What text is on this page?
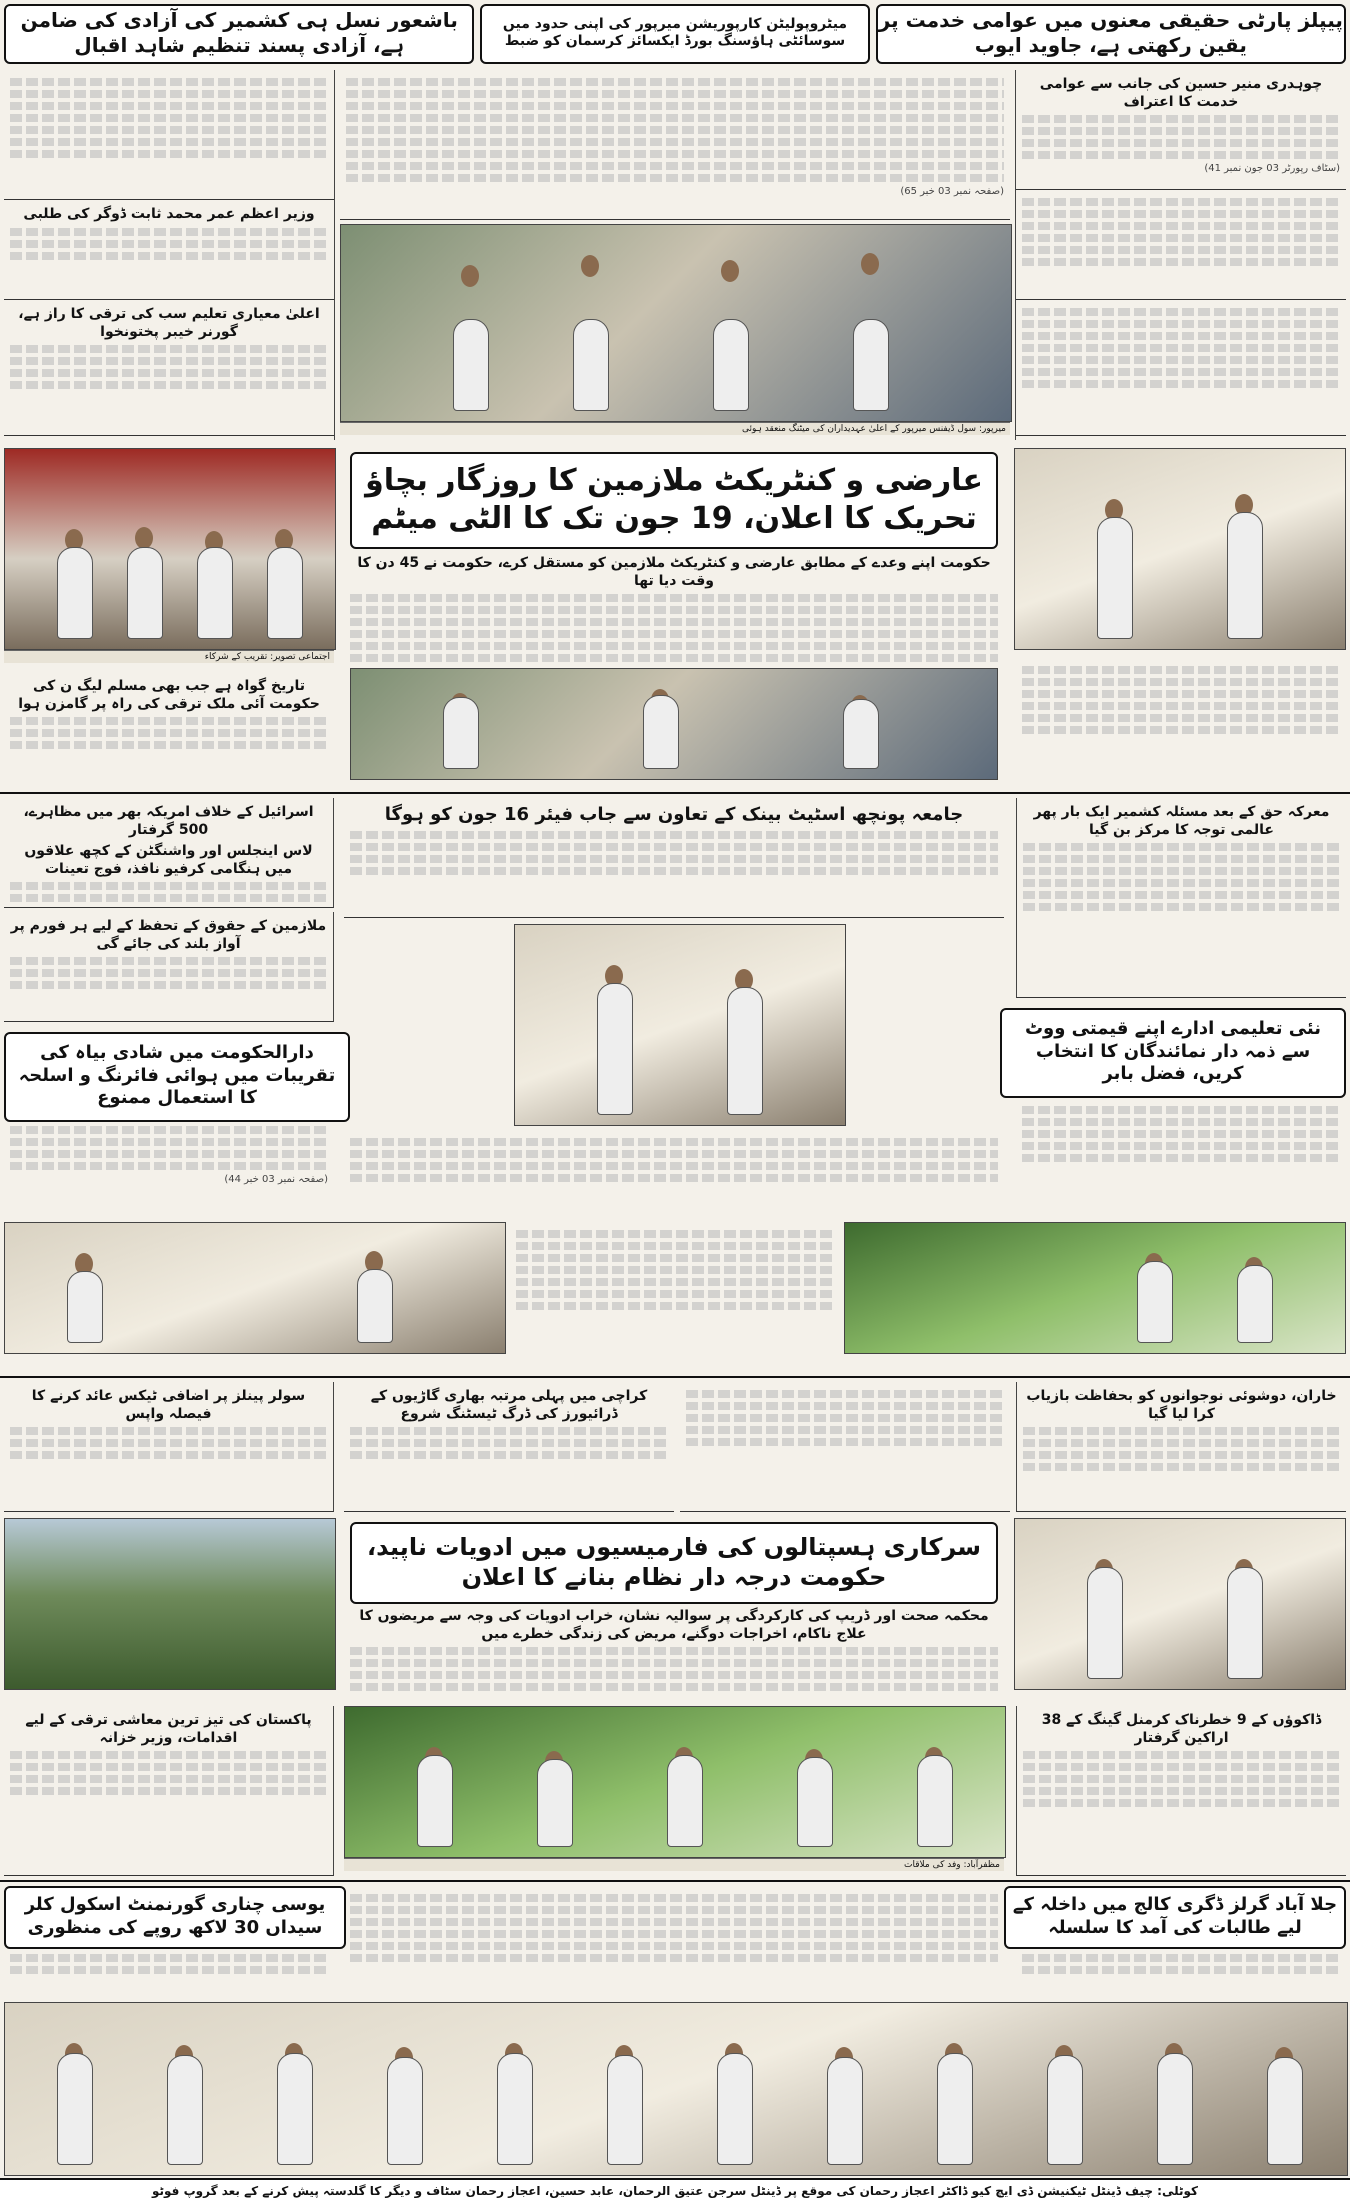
پیپلز پارٹی حقیقی معنوں میں عوامی خدمت پر یقین رکھتی ہے، جاوید ایوب
میٹروپولیٹن کارپوریشن میرپور کی اپنی حدود میں سوسائٹی ہاؤسنگ بورڈ ایکسائز کرسمان کو ضبط
باشعور نسل ہی کشمیر کی آزادی کی ضامن ہے، آزادی پسند تنظیم شاہد اقبال
چوہدری منیر حسین کی جانب سے عوامی خدمت کا اعتراف
(سٹاف رپورٹر 03 جون نمبر 41)
(صفحہ نمبر 03 خبر 65)
میرپور: سول ڈیفنس میرپور کے اعلیٰ عہدیداران کی میٹنگ منعقد ہوئی
وزیر اعظم عمر محمد ثابت ڈوگر کی طلبی
اعلیٰ معیاری تعلیم سب کی ترقی کا راز ہے، گورنر خیبر پختونخوا
عارضی و کنٹریکٹ ملازمین کا روزگار بچاؤ تحریک کا اعلان، 19 جون تک کا الٹی میٹم
حکومت اپنے وعدے کے مطابق عارضی و کنٹریکٹ ملازمین کو مستقل کرے، حکومت نے 45 دن کا وقت دیا تھا
اجتماعی تصویر: تقریب کے شرکاء
تاریخ گواہ ہے جب بھی مسلم لیگ ن کی حکومت آئی ملک ترقی کی راہ پر گامزن ہوا
معرکہ حق کے بعد مسئلہ کشمیر ایک بار پھر عالمی توجہ کا مرکز بن گیا
جامعہ پونچھ اسٹیٹ بینک کے تعاون سے جاب فیئر 16 جون کو ہوگا
اسرائیل کے خلاف امریکہ بھر میں مظاہرے، 500 گرفتار
لاس اینجلس اور واشنگٹن کے کچھ علاقوں میں ہنگامی کرفیو نافذ، فوج تعینات
ملازمین کے حقوق کے تحفظ کے لیے ہر فورم پر آواز بلند کی جائے گی
دارالحکومت میں شادی بیاہ کی تقریبات میں ہوائی فائرنگ و اسلحہ کا استعمال ممنوع
نئی تعلیمی ادارے اپنے قیمتی ووٹ سے ذمہ دار نمائندگان کا انتخاب کریں، فضل بابر
(صفحہ نمبر 03 خبر 44)
خاران، دوشوئی نوجوانوں کو بحفاظت بازیاب کرا لیا گیا
کراچی میں پہلی مرتبہ بھاری گاڑیوں کے ڈرائیورز کی ڈرگ ٹیسٹنگ شروع
سولر پینلز پر اضافی ٹیکس عائد کرنے کا فیصلہ واپس
سرکاری ہسپتالوں کی فارمیسیوں میں ادویات ناپید، حکومت درجہ دار نظام بنانے کا اعلان
محکمہ صحت اور ڈریپ کی کارکردگی پر سوالیہ نشان، خراب ادویات کی وجہ سے مریضوں کا علاج ناکام، اخراجات دوگنے، مریض کی زندگی خطرے میں
ڈاکوؤں کے 9 خطرناک کرمنل گینگ کے 38 اراکین گرفتار
مظفرآباد: وفد کی ملاقات
پاکستان کی تیز ترین معاشی ترقی کے لیے اقدامات، وزیر خزانہ
جلا آباد گرلز ڈگری کالج میں داخلہ کے لیے طالبات کی آمد کا سلسلہ
یوسی چناری گورنمنٹ اسکول کلر سیداں 30 لاکھ روپے کی منظوری
کوٹلی: چیف ڈینٹل ٹیکنیشن ڈی ایچ کیو ڈاکٹر اعجاز رحمان کی موقع پر ڈینٹل سرجن عتیق الرحمان، عابد حسین، اعجاز رحمان سٹاف و دیگر کا گلدستہ پیش کرنے کے بعد گروپ فوٹو
